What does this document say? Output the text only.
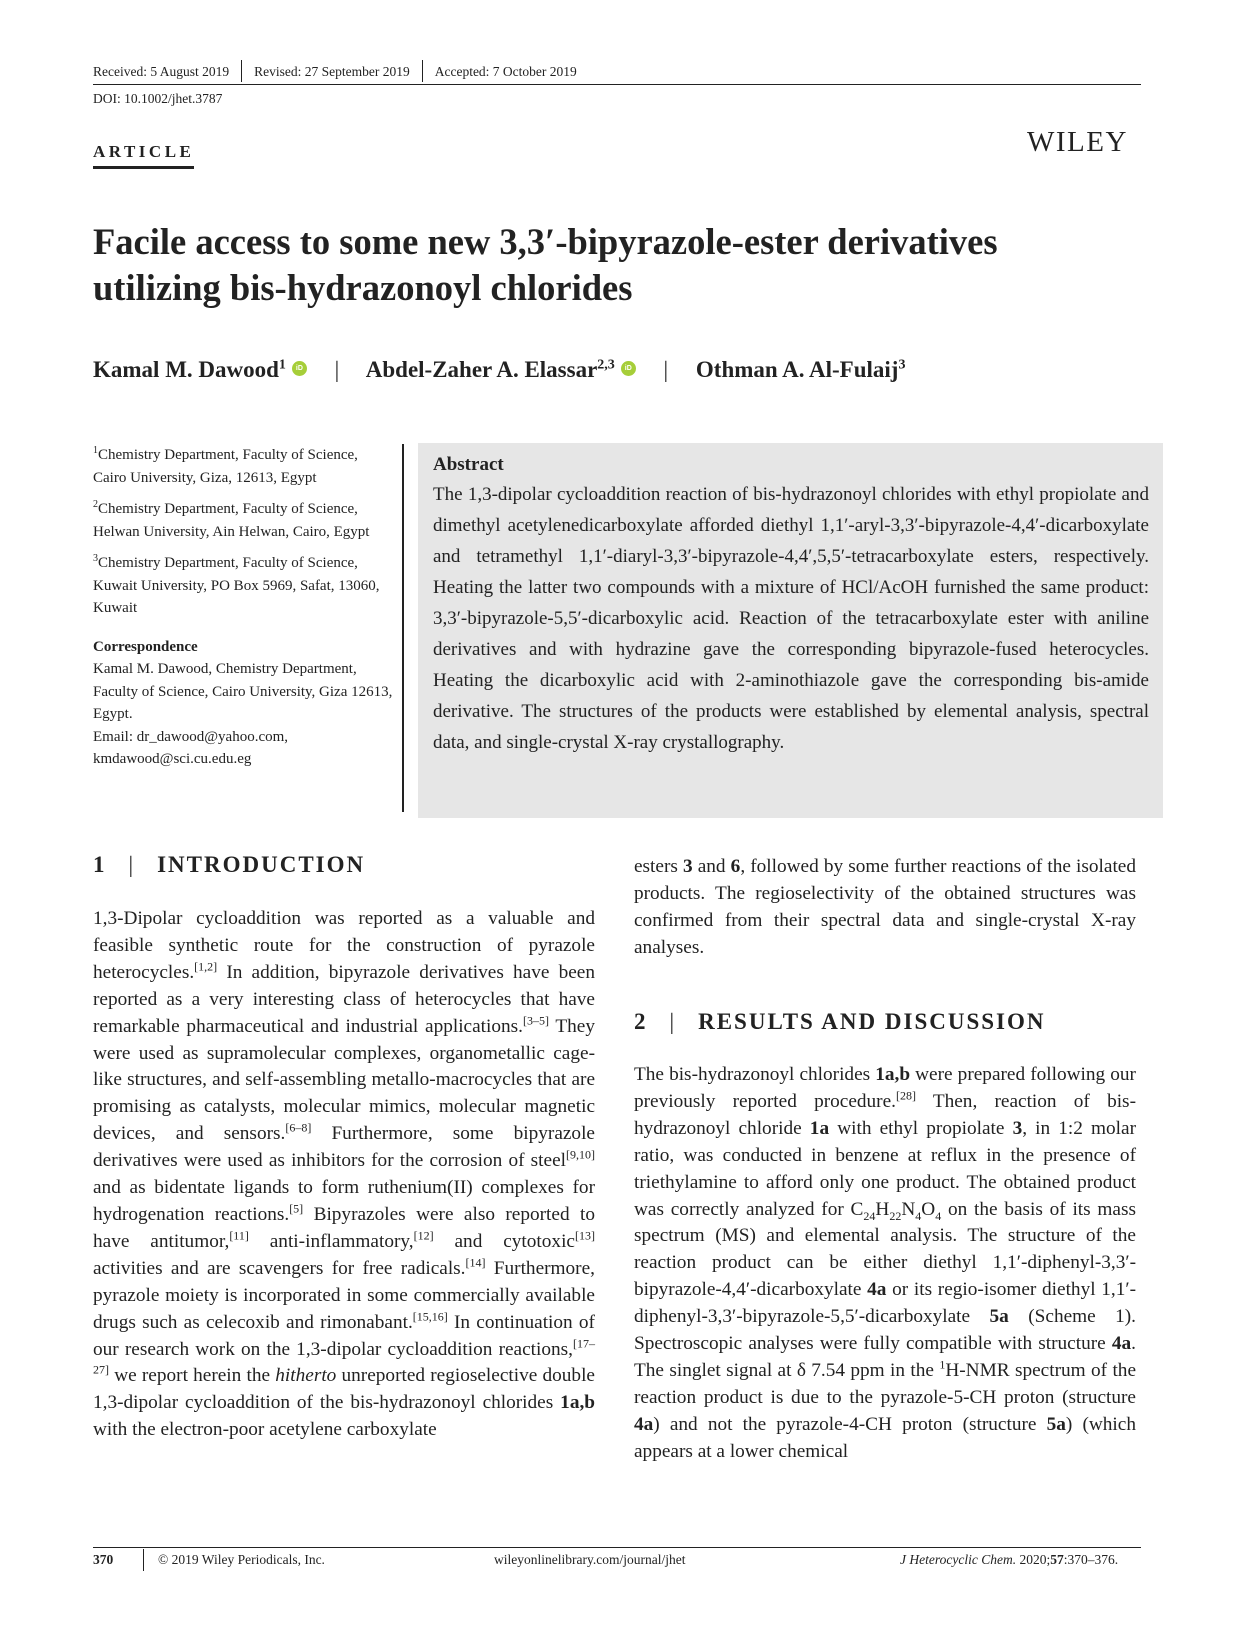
Received: 5 August 2019 Revised: 27 September 2019 Accepted: 7 October 2019
DOI: 10.1002/jhet.3787
ARTICLE	WILEY
Facile access to some new 3,3′-bipyrazole-ester derivatives
utilizing bis-hydrazonoyl chlorides
Kamal M. Dawood$^1$ iD | Abdel-Zaher A. Elassar$^{2,3}$ iD | Othman A. Al-Fulaij$^3$

$^1$Chemistry Department, Faculty of Science, Cairo University, Giza, 12613, Egypt

$^2$Chemistry Department, Faculty of Science, Helwan University, Ain Helwan, Cairo, Egypt

$^3$Chemistry Department, Faculty of Science, Kuwait University, PO Box 5969, Safat, 13060, Kuwait

Correspondence

Kamal M. Dawood, Chemistry Department, Faculty of Science, Cairo University, Giza 12613, Egypt.
Email: dr_dawood@yahoo.com,
kmdawood@sci.cu.edu.eg

Abstract

The 1,3-dipolar cycloaddition reaction of bis-hydrazonoyl chlorides with ethyl propiolate and dimethyl acetylenedicarboxylate afforded diethyl 1,1′-aryl-3,3′-bipyrazole-4,4′-dicarboxylate and tetramethyl 1,1′-diaryl-3,3′-bipyrazole-4,4′,5,5′-tetracarboxylate esters, respectively. Heating the latter two compounds with a mixture of HCl/AcOH furnished the same product: 3,3′-bipyrazole-5,5′-dicarboxylic acid. Reaction of the tetracarboxylate ester with aniline derivatives and with hydrazine gave the corresponding bipyrazole-fused heterocycles. Heating the dicarboxylic acid with 2-aminothiazole gave the corresponding bis-amide derivative. The structures of the products were established by elemental analysis, spectral data, and single-crystal X-ray crystallography.

1 | INTRODUCTION

1,3-Dipolar cycloaddition was reported as a valuable and feasible synthetic route for the construction of pyrazole heterocycles.[1,2] In addition, bipyrazole derivatives have been reported as a very interesting class of heterocycles that have remarkable pharmaceutical and industrial applications.[3–5] They were used as supramolecular complexes, organometallic cage-like structures, and self-assembling metallo-macrocycles that are promising as catalysts, molecular mimics, molecular magnetic devices, and sensors.[6–8] Furthermore, some bipyrazole derivatives were used as inhibitors for the corrosion of steel[9,10] and as bidentate ligands to form ruthenium(II) complexes for hydrogenation reactions.[5] Bipyrazoles were also reported to have antitumor,[11] anti-inflammatory,[12] and cytotoxic[13] activities and are scavengers for free radicals.[14] Furthermore, pyrazole moiety is incorporated in some commercially available drugs such as celecoxib and rimonabant.[15,16] In continuation of our research work on the 1,3-dipolar cycloaddition reactions,[17–27] we report herein the hitherto unreported regioselective double 1,3-dipolar cycloaddition of the bis-hydrazonoyl chlorides 1a,b with the electron-poor acetylene carboxylate

esters 3 and 6, followed by some further reactions of the isolated products. The regioselectivity of the obtained structures was confirmed from their spectral data and single-crystal X-ray analyses.

2 | RESULTS AND DISCUSSION

The bis-hydrazonoyl chlorides 1a,b were prepared following our previously reported procedure.[28] Then, reaction of bis-hydrazonoyl chloride 1a with ethyl propiolate 3, in 1:2 molar ratio, was conducted in benzene at reflux in the presence of triethylamine to afford only one product. The obtained product was correctly analyzed for $C_{24}H_{22}N_4O_4$ on the basis of its mass spectrum (MS) and elemental analysis. The structure of the reaction product can be either diethyl 1,1′-diphenyl-3,3′-bipyrazole-4,4′-dicarboxylate 4a or its regio-isomer diethyl 1,1′-diphenyl-3,3′-bipyrazole-5,5′-dicarboxylate 5a (Scheme 1). Spectroscopic analyses were fully compatible with structure 4a. The singlet signal at δ 7.54 ppm in the $^1$H-NMR spectrum of the reaction product is due to the pyrazole-5-CH proton (structure 4a) and not the pyrazole-4-CH proton (structure 5a) (which appears at a lower chemical

370	© 2019 Wiley Periodicals, Inc.	wileyonlinelibrary.com/journal/jhet	J Heterocyclic Chem. 2020;57:370–376.
